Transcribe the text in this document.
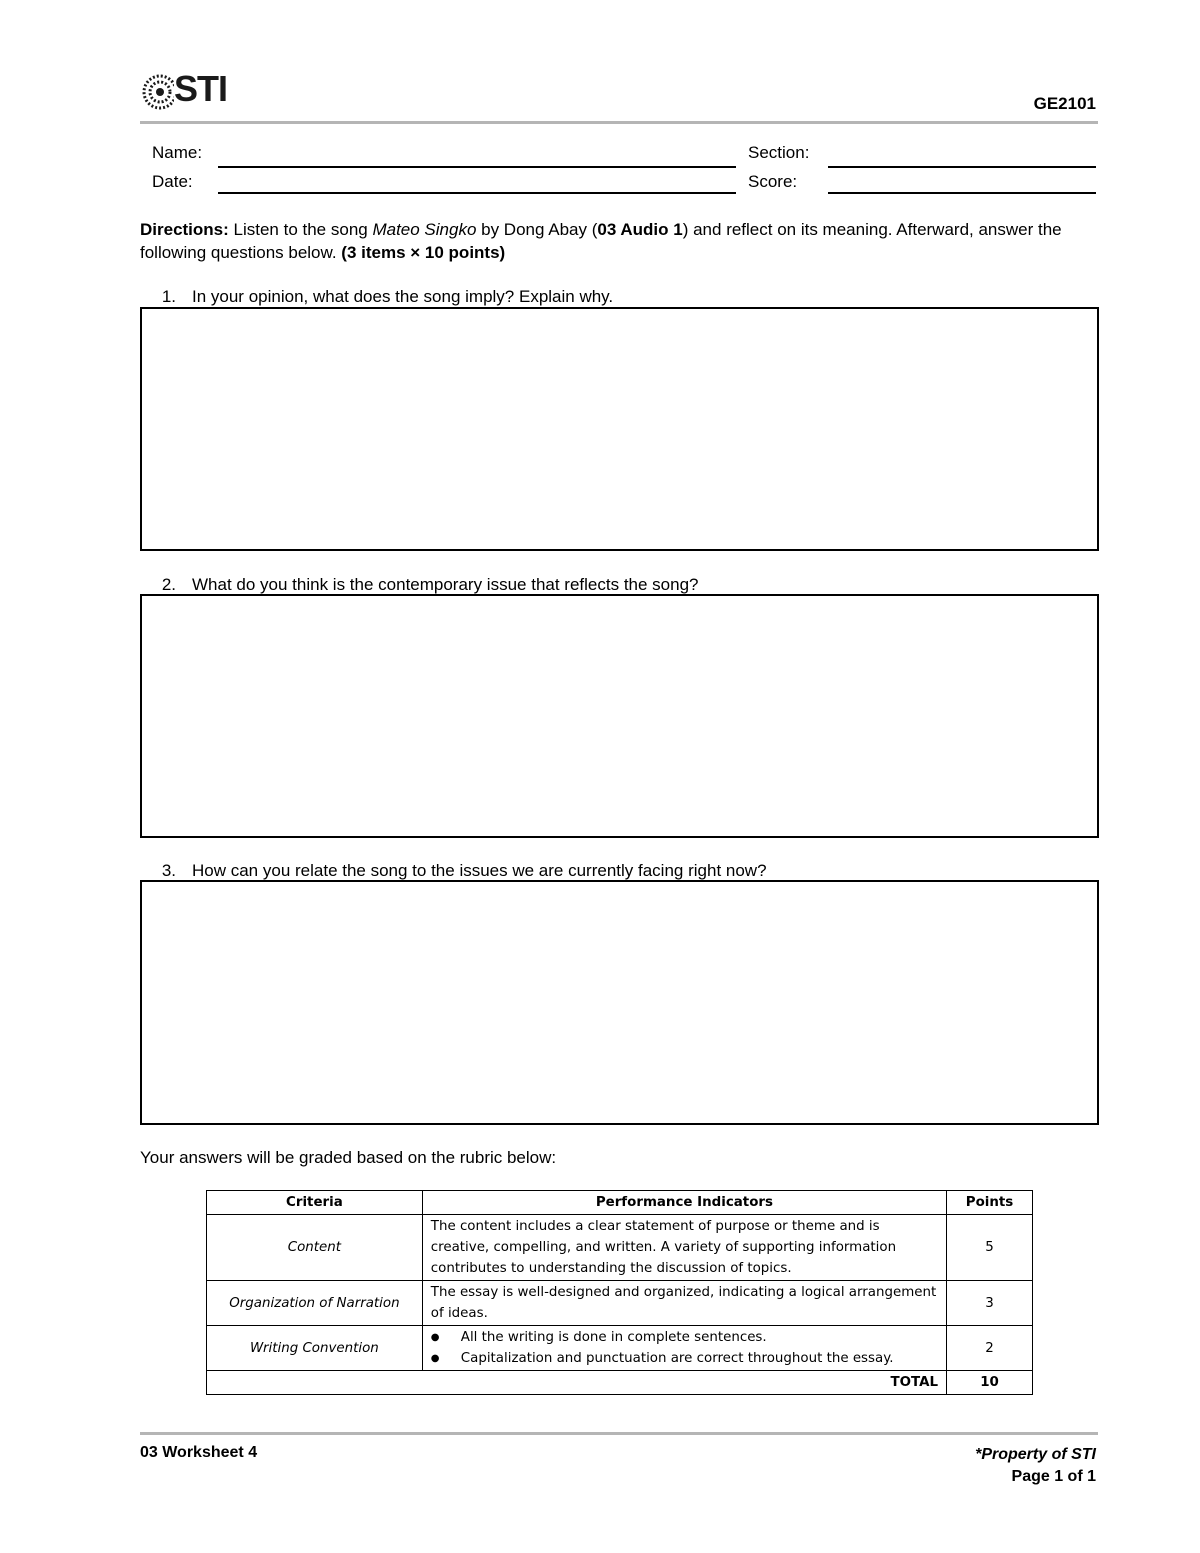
STI	GE2101
Name:	Section:
Date:	Score:
Directions: Listen to the song Mateo Singko by Dong Abay (03 Audio 1) and reflect on its meaning. Afterward, answer the following questions below. (3 items × 10 points)
1. In your opinion, what does the song imply? Explain why.
2. What do you think is the contemporary issue that reflects the song?
3. How can you relate the song to the issues we are currently facing right now?
Your answers will be graded based on the rubric below:
Criteria	Performance Indicators	Points
Content	The content includes a clear statement of purpose or theme and is creative, compelling, and written. A variety of supporting information contributes to understanding the discussion of topics.	5
Organization of Narration	The essay is well-designed and organized, indicating a logical arrangement of ideas.	3
Writing Convention	● All the writing is done in complete sentences.
● Capitalization and punctuation are correct throughout the essay.	2
TOTAL		10
03 Worksheet 4	*Property of STI
Page 1 of 1
